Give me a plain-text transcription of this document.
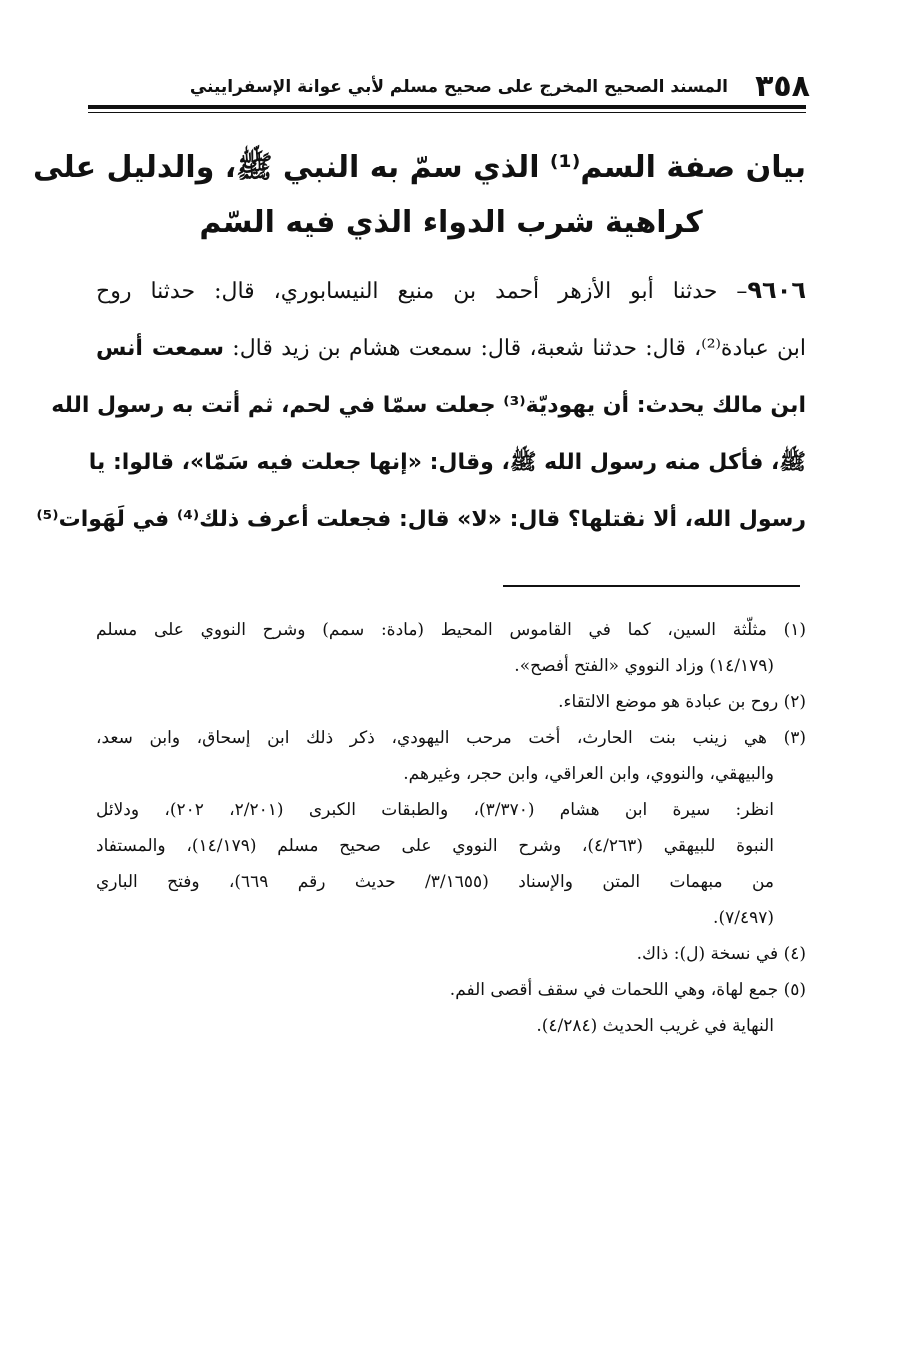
٣٥٨
المسند الصحيح المخرج على صحيح مسلم لأبي عوانة الإسفراييني
بيان صفة السم⁽¹⁾ الذي سمّ به النبي ﷺ، والدليل على
كراهية شرب الدواء الذي فيه السّم
٩٦٠٦– حدثنا أبو الأزهر أحمد بن منيع النيسابوري، قال: حدثنا روح
ابن عبادة⁽²⁾، قال: حدثنا شعبة، قال: سمعت هشام بن زيد قال: سمعت أنس
ابن مالك يحدث: أن يهوديّة⁽³⁾ جعلت سمّا في لحم، ثم أتت به رسول الله
ﷺ، فأكل منه رسول الله ﷺ، وقال: «إنها جعلت فيه سَمّا»، قالوا: يا
رسول الله، ألا نقتلها؟ قال: «لا» قال: فجعلت أعرف ذلك⁽⁴⁾ في لَهَوات⁽⁵⁾
(١) مثلّثة السين، كما في القاموس المحيط (مادة: سمم) وشرح النووي على مسلم
(١٤/١٧٩) وزاد النووي «الفتح أفصح».
(٢) روح بن عبادة هو موضع الالتقاء.
(٣) هي زينب بنت الحارث، أخت مرحب اليهودي، ذكر ذلك ابن إسحاق، وابن سعد،
والبيهقي، والنووي، وابن العراقي، وابن حجر، وغيرهم.
انظر: سيرة ابن هشام (٣/٣٧٠)، والطبقات الكبرى (٢/٢٠١، ٢٠٢)، ودلائل
النبوة للبيهقي (٤/٢٦٣)، وشرح النووي على صحيح مسلم (١٤/١٧٩)، والمستفاد
من مبهمات المتن والإسناد (٣/١٦٥٥/ حديث رقم ٦٦٩)، وفتح الباري
(٧/٤٩٧).
(٤) في نسخة (ل): ذاك.
(٥) جمع لهاة، وهي اللحمات في سقف أقصى الفم.
النهاية في غريب الحديث (٤/٢٨٤).
